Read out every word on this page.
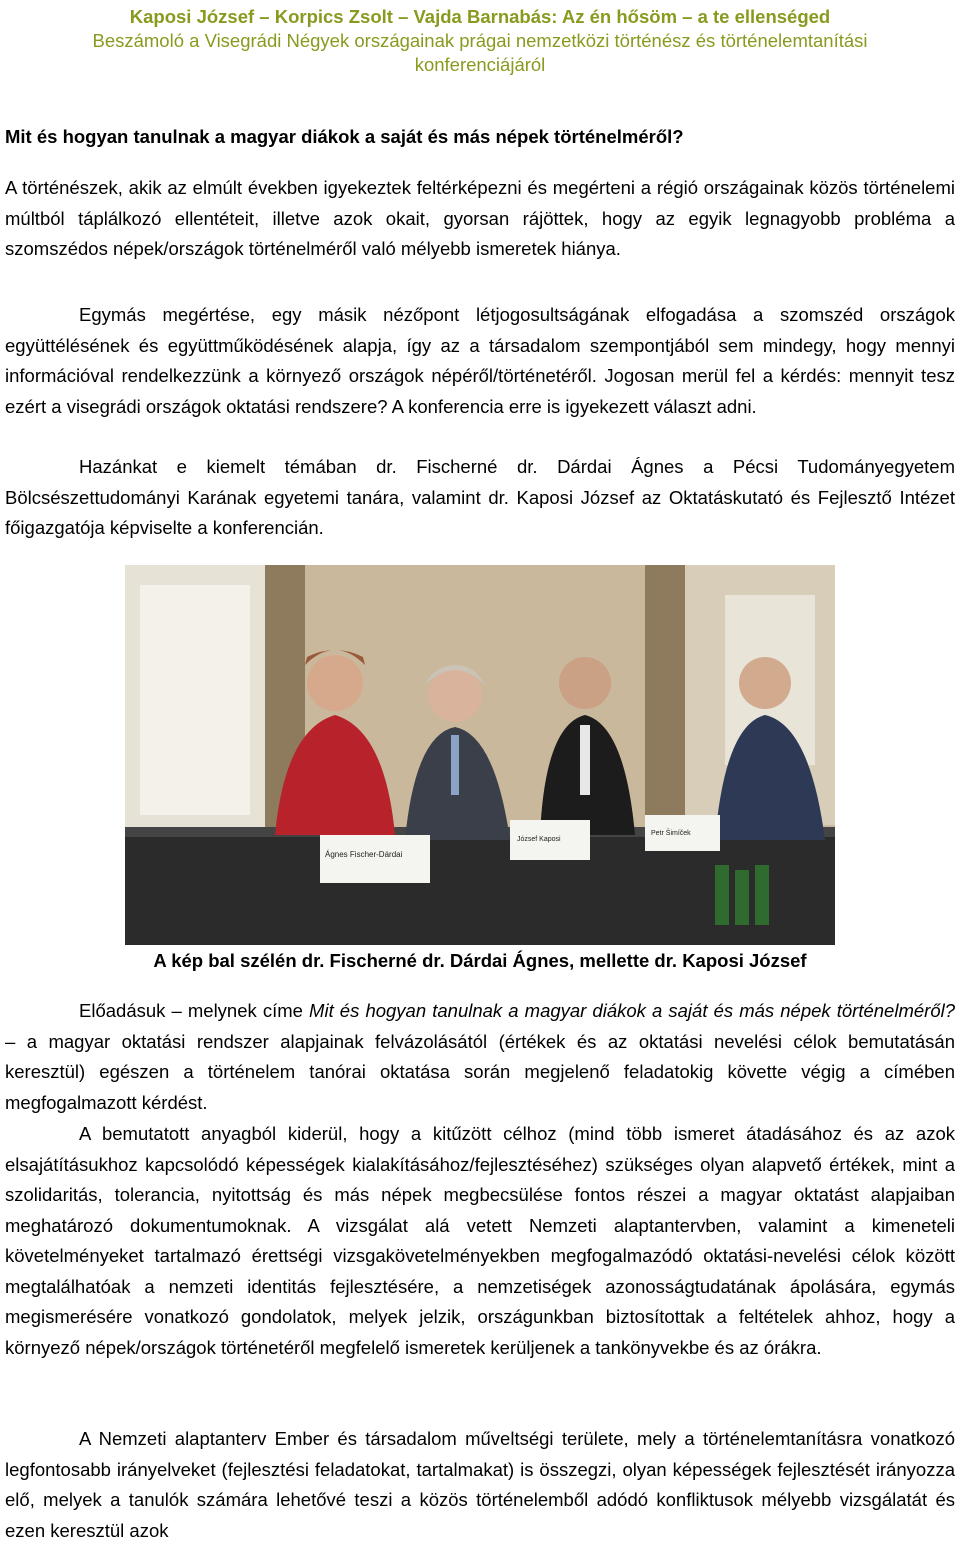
Kaposi József – Korpics Zsolt – Vajda Barnabás: Az én hősöm – a te ellenséged
Beszámoló a Visegrádi Négyek országainak prágai nemzetközi történész és történelemtanítási
konferenciájáról
Mit és hogyan tanulnak a magyar diákok a saját és más népek történelméről?
A történészek, akik az elmúlt években igyekeztek feltérképezni és megérteni a régió országainak közös történelemi múltból táplálkozó ellentéteit, illetve azok okait, gyorsan rájöttek, hogy az egyik legnagyobb probléma a szomszédos népek/országok történelméről való mélyebb ismeretek hiánya.
Egymás megértése, egy másik nézőpont létjogosultságának elfogadása a szomszéd országok együttélésének és együttműködésének alapja, így az a társadalom szempontjából sem mindegy, hogy mennyi információval rendelkezzünk a környező országok népéről/történetéről. Jogosan merül fel a kérdés: mennyit tesz ezért a visegrádi országok oktatási rendszere? A konferencia erre is igyekezett választ adni.
Hazánkat e kiemelt témában dr. Fischerné dr. Dárdai Ágnes a Pécsi Tudományegyetem Bölcsészettudományi Karának egyetemi tanára, valamint dr. Kaposi József az Oktatáskutató és Fejlesztő Intézet főigazgatója képviselte a konferencián.
Ágnes Fischer-Dárdai
József Kaposi
Petr Šimíček
A kép bal szélén dr. Fischerné dr. Dárdai Ágnes, mellette dr. Kaposi József
Előadásuk – melynek címe Mit és hogyan tanulnak a magyar diákok a saját és más népek történelméről? – a magyar oktatási rendszer alapjainak felvázolásától (értékek és az oktatási nevelési célok bemutatásán keresztül) egészen a történelem tanórai oktatása során megjelenő feladatokig követte végig a címében megfogalmazott kérdést.
A bemutatott anyagból kiderül, hogy a kitűzött célhoz (mind több ismeret átadásához és az azok elsajátításukhoz kapcsolódó képességek kialakításához/fejlesztéséhez) szükséges olyan alapvető értékek, mint a szolidaritás, tolerancia, nyitottság és más népek megbecsülése fontos részei a magyar oktatást alapjaiban meghatározó dokumentumoknak. A vizsgálat alá vetett Nemzeti alaptantervben, valamint a kimeneteli követelményeket tartalmazó érettségi vizsgakövetelményekben megfogalmazódó oktatási-nevelési célok között megtalálhatóak a nemzeti identitás fejlesztésére, a nemzetiségek azonosságtudatának ápolására, egymás megismerésére vonatkozó gondolatok, melyek jelzik, országunkban biztosítottak a feltételek ahhoz, hogy a környező népek/országok történetéről megfelelő ismeretek kerüljenek a tankönyvekbe és az órákra.
A Nemzeti alaptanterv Ember és társadalom műveltségi területe, mely a történelemtanításra vonatkozó legfontosabb irányelveket (fejlesztési feladatokat, tartalmakat) is összegzi, olyan képességek fejlesztését irányozza elő, melyek a tanulók számára lehetővé teszi a közös történelemből adódó konfliktusok mélyebb vizsgálatát és ezen keresztül azok
